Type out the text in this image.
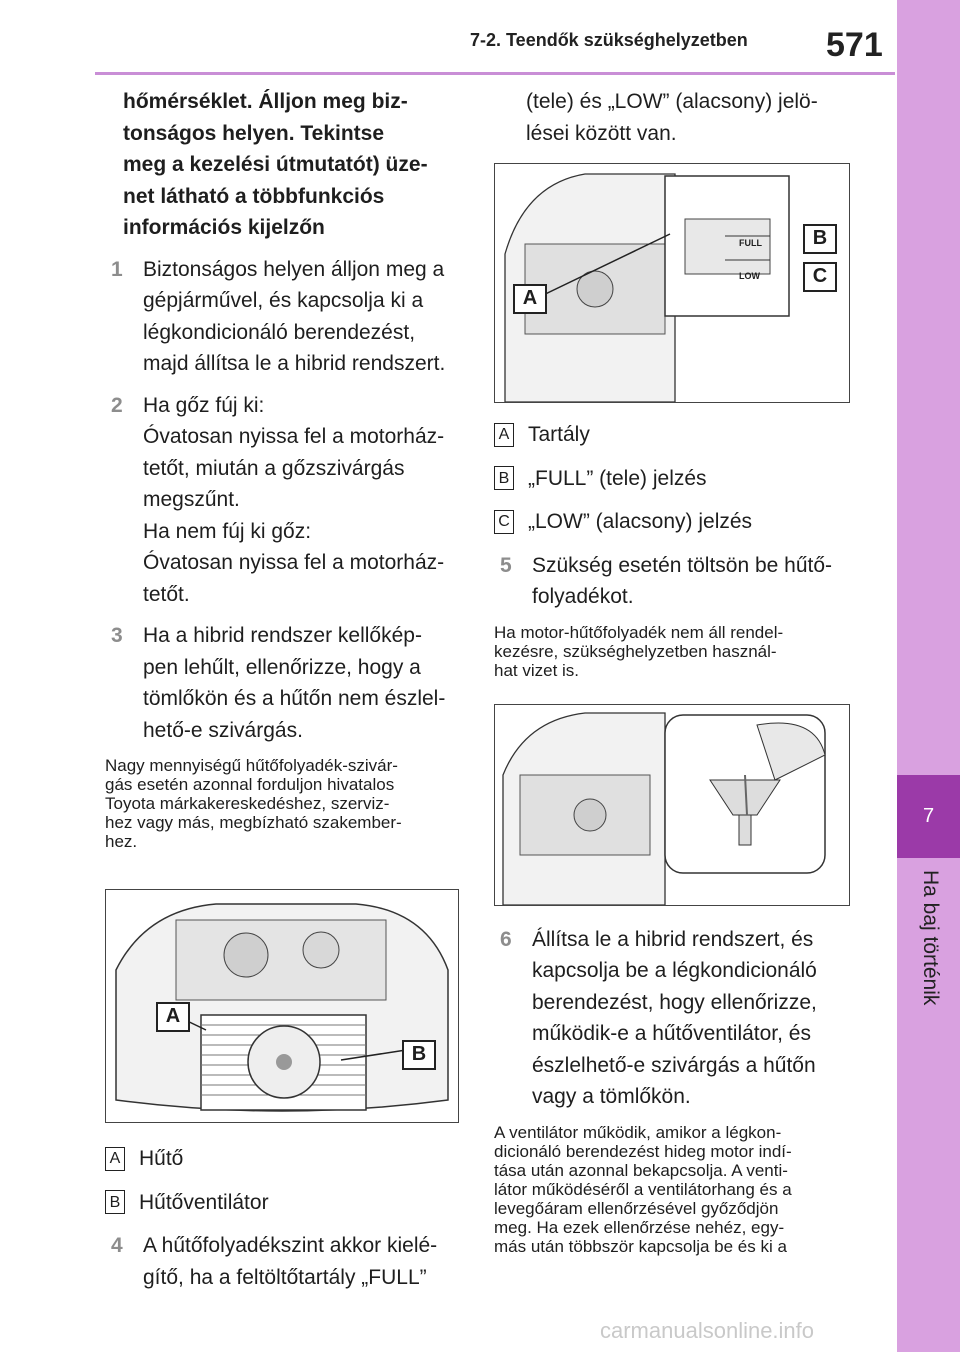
7-2. Teendők szükséghelyzetben 571
7
Ha baj történik
hőmérséklet. Álljon meg biz-
tonságos helyen. Tekintse
meg a kezelési útmutatót) üze-
net látható a többfunkciós
információs kijelzőn
1 Biztonságos helyen álljon meg a
gépjárművel, és kapcsolja ki a
légkondicionáló berendezést,
majd állítsa le a hibrid rendszert.
2 Ha gőz fúj ki:
Óvatosan nyissa fel a motorház-
tetőt, miután a gőzszivárgás
megszűnt.
Ha nem fúj ki gőz:
Óvatosan nyissa fel a motorház-
tetőt.
3 Ha a hibrid rendszer kellőkép-
pen lehűlt, ellenőrizze, hogy a
tömlőkön és a hűtőn nem észlel-
hető-e szivárgás.
Nagy mennyiségű hűtőfolyadék-szivár-
gás esetén azonnal forduljon hivatalos
Toyota márkakereskedéshez, szerviz-
hez vagy más, megbízható szakember-
hez.
A
B
A Hűtő
B Hűtőventilátor
4 A hűtőfolyadékszint akkor kielé-
gítő, ha a feltöltőtartály „FULL”
(tele) és „LOW” (alacsony) jelö-
lései között van.
FULL
LOW
A
B
C
A Tartály
B „FULL” (tele) jelzés
C „LOW” (alacsony) jelzés
5 Szükség esetén töltsön be hűtő-
folyadékot.
Ha motor-hűtőfolyadék nem áll rendel-
kezésre, szükséghelyzetben használ-
hat vizet is.
6 Állítsa le a hibrid rendszert, és
kapcsolja be a légkondicionáló
berendezést, hogy ellenőrizze,
működik-e a hűtőventilátor, és
észlelhető-e szivárgás a hűtőn
vagy a tömlőkön.
A ventilátor működik, amikor a légkon-
dicionáló berendezést hideg motor indí-
tása után azonnal bekapcsolja. A venti-
látor működéséről a ventilátorhang és a
levegőáram ellenőrzésével győződjön
meg. Ha ezek ellenőrzése nehéz, egy-
más után többször kapcsolja be és ki a
carmanualsonline.info
